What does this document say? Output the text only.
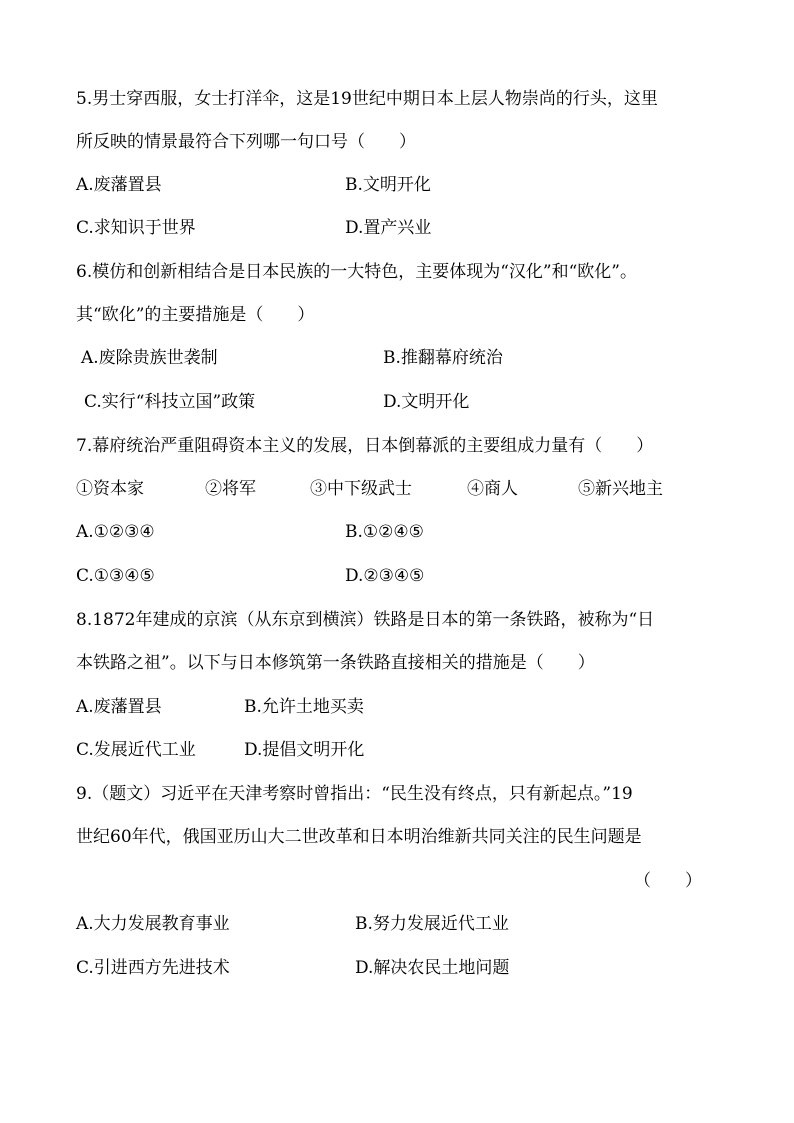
5.男士穿西服，女士打洋伞，这是19世纪中期日本上层人物崇尚的行头，这里
所反映的情景最符合下列哪一句口号（　　）
A.废藩置县	B.文明开化
C.求知识于世界	D.置产兴业
6.模仿和创新相结合是日本民族的一大特色，主要体现为“汉化”和“欧化”。
其“欧化”的主要措施是（　　）
A.废除贵族世袭制	B.推翻幕府统治
C.实行“科技立国”政策	D.文明开化
7.幕府统治严重阻碍资本主义的发展，日本倒幕派的主要组成力量有（　　）
①资本家	②将军	③中下级武士	④商人	⑤新兴地主
A.①②③④	B.①②④⑤
C.①③④⑤	D.②③④⑤
8.1872年建成的京滨（从东京到横滨）铁路是日本的第一条铁路，被称为“日
本铁路之祖”。以下与日本修筑第一条铁路直接相关的措施是（　　）
A.废藩置县	B.允许土地买卖
C.发展近代工业	D.提倡文明开化
9.（题文）习近平在天津考察时曾指出：“民生没有终点，只有新起点。”19
世纪60年代，俄国亚历山大二世改革和日本明治维新共同关注的民生问题是
（　　）
A.大力发展教育事业	B.努力发展近代工业
C.引进西方先进技术	D.解决农民土地问题
